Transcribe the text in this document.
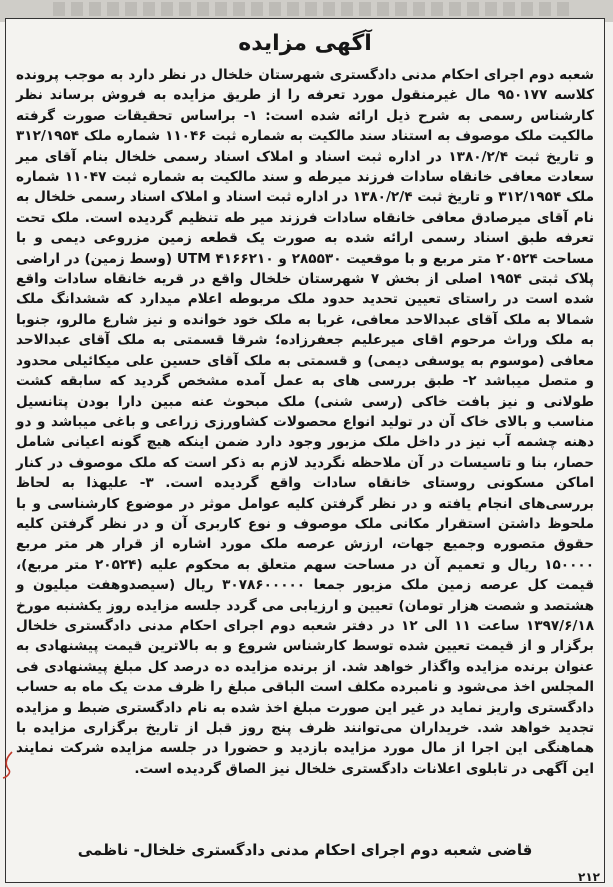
آگهی مزایده
شعبه دوم اجرای احکام مدنی دادگستری شهرستان خلخال در نظر دارد به موجب پرونده کلاسه ۹۵۰۱۷۷ مال غیرمنقول مورد تعرفه را از طریق مزایده به فروش برساند نظر کارشناس رسمی به شرح ذیل ارائه شده است: ۱- براساس تحقیقات صورت گرفته مالکیت ملک موصوف به استناد سند مالکیت به شماره ثبت ۱۱۰۴۶ شماره ملک ۳۱۲/۱۹۵۴ و تاریخ ثبت ۱۳۸۰/۲/۴ در اداره ثبت اسناد و املاک اسناد رسمی خلخال بنام آقای میر سعادت معافی خانقاه سادات فرزند میرطه و سند مالکیت به شماره ثبت ۱۱۰۴۷ شماره ملک ۳۱۲/۱۹۵۴ و تاریخ ثبت ۱۳۸۰/۲/۴ در اداره ثبت اسناد و املاک اسناد رسمی خلخال به نام آقای میرصادق معافی خانقاه سادات فرزند میر طه تنظیم گردیده است. ملک تحت تعرفه طبق اسناد رسمی ارائه شده به صورت یک قطعه زمین مزروعی دیمی و با مساحت ۲۰۵۲۴ متر مربع و با موقعیت ۲۸۵۵۳۰ و UTM ۴۱۶۶۲۱۰ (وسط زمین) در اراضی پلاک ثبتی ۱۹۵۴ اصلی از بخش ۷ شهرستان خلخال واقع در قریه خانقاه سادات واقع شده است در راستای تعیین تحدید حدود ملک مربوطه اعلام میدارد که ششدانگ ملک شمالا به ملک آقای عبدالاحد معافی، غربا به ملک خود خوانده و نیز شارع مالرو، جنوبا به ملک وراث مرحوم اقای میرعلیم جعفرزاده؛ شرقا قسمتی به ملک آقای عبدالاحد معافی (موسوم به یوسفی دیمی) و قسمتی به ملک آقای حسین علی میکائیلی محدود و متصل میباشد ۲- طبق بررسی های به عمل آمده مشخص گردید که سابقه کشت طولانی و نیز بافت خاکی (رسی شنی) ملک مبحوث عنه مبین دارا بودن پتانسیل مناسب و بالای خاک آن در تولید انواع محصولات کشاورزی زراعی و باغی میباشد و دو دهنه چشمه آب نیز در داخل ملک مزبور وجود دارد ضمن اینکه هیچ گونه اعیانی شامل حصار، بنا و تاسیسات در آن ملاحظه نگردید لازم به ذکر است که ملک موصوف در کنار اماکن مسکونی روستای خانقاه سادات واقع گردیده است. ۳- علیهذا به لحاظ بررسی‌های انجام یافته و در نظر گرفتن کلیه عوامل موثر در موضوع کارشناسی و با ملحوظ داشتن استقرار مکانی ملک موصوف و نوع کاربری آن و در نظر گرفتن کلیه حقوق متصوره وجمیع جهات، ارزش عرصه ملک مورد اشاره از قرار هر متر مربع ۱۵۰۰۰۰ ریال و تعمیم آن در مساحت سهم متعلق به محکوم علیه (۲۰۵۲۴ متر مربع)، قیمت کل عرصه زمین ملک مزبور جمعا ۳۰۷۸۶۰۰۰۰۰ ریال (سیصدوهفت میلیون و هشتصد و شصت هزار تومان) تعیین و ارزیابی می گردد جلسه مزایده روز یکشنبه مورخ ۱۳۹۷/۶/۱۸ ساعت ۱۱ الی ۱۲ در دفتر شعبه دوم اجرای احکام مدنی دادگستری خلخال برگزار و از قیمت تعیین شده توسط کارشناس شروع و به بالاترین قیمت پیشنهادی به عنوان برنده مزایده واگذار خواهد شد. از برنده مزایده ده درصد کل مبلغ پیشنهادی فی المجلس اخذ می‌شود و نامبرده مکلف است الباقی مبلغ را ظرف مدت یک ماه به حساب دادگستری واریز نماید در غیر این صورت مبلغ اخذ شده به نام دادگستری ضبط و مزایده تجدید خواهد شد. خریداران می‌توانند ظرف پنج روز قبل از تاریخ برگزاری مزایده با هماهنگی این اجرا از مال مورد مزایده بازدید و حضورا در جلسه مزایده شرکت نمایند این آگهی در تابلوی اعلانات دادگستری خلخال نیز الصاق گردیده است.
قاضی شعبه دوم اجرای احکام مدنی دادگستری خلخال- ناظمی
۲۱۲
